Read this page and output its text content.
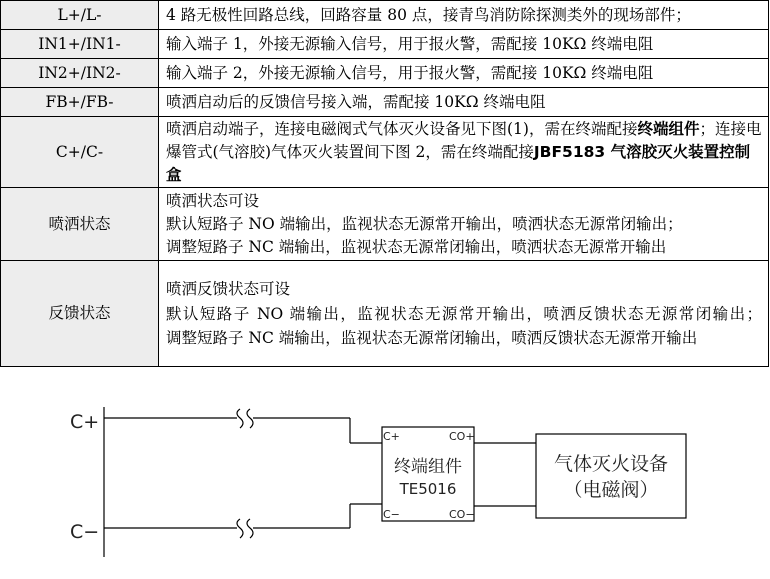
L+/L-	4 路无极性回路总线，回路容量 80 点，接青鸟消防除探测类外的现场部件；
IN1+/IN1-	输入端子 1，外接无源输入信号，用于报火警，需配接 10KΩ 终端电阻
IN2+/IN2-	输入端子 2，外接无源输入信号，用于报火警，需配接 10KΩ 终端电阻
FB+/FB-	喷洒启动后的反馈信号接入端，需配接 10KΩ 终端电阻
C+/C-	喷洒启动端子，连接电磁阀式气体灭火设备见下图(1)，需在终端配接终端组件；连接电爆管式(气溶胶)气体灭火装置间下图 2，需在终端配接JBF5183 气溶胶灭火装置控制盒
喷洒状态	喷洒状态可设
默认短路子 NO 端输出，监视状态无源常开输出，喷洒状态无源常闭输出；
调整短路子 NC 端输出，监视状态无源常闭输出，喷洒状态无源常开输出

反馈状态	喷洒反馈状态可设
默认短路子 NO 端输出，监视状态无源常开输出，喷洒反馈状态无源常闭输出；
调整短路子 NC 端输出，监视状态无源常闭输出，喷洒反馈状态无源常开输出
C+
C−
C+
C−
CO+
CO−
终端组件
TE5016
气体灭火设备
（电磁阀）
